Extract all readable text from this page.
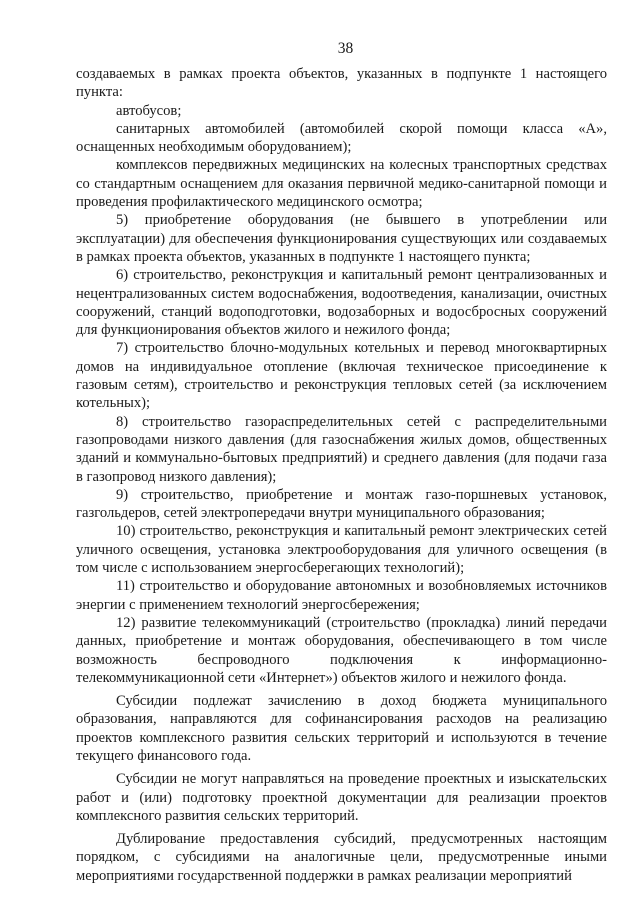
38

создаваемых в рамках проекта объектов, указанных в подпункте 1 настоящего пункта:

автобусов;

санитарных автомобилей (автомобилей скорой помощи класса «А», оснащенных необходимым оборудованием);

комплексов передвижных медицинских на колесных транспортных средствах со стандартным оснащением для оказания первичной медико-санитарной помощи и проведения профилактического медицинского осмотра;

5) приобретение оборудования (не бывшего в употреблении или эксплуатации) для обеспечения функционирования существующих или создаваемых в рамках проекта объектов, указанных в подпункте 1 настоящего пункта;

6) строительство, реконструкция и капитальный ремонт централизованных и нецентрализованных систем водоснабжения, водоотведения, канализации, очистных сооружений, станций водоподготовки, водозаборных и водосбросных сооружений для функционирования объектов жилого и нежилого фонда;

7) строительство блочно-модульных котельных и перевод многоквартирных домов на индивидуальное отопление (включая техническое присоединение к газовым сетям), строительство и реконструкция тепловых сетей (за исключением котельных);

8) строительство газораспределительных сетей с распределительными газопроводами низкого давления (для газоснабжения жилых домов, общественных зданий и коммунально-бытовых предприятий) и среднего давления (для подачи газа в газопровод низкого давления);

9) строительство, приобретение и монтаж газо-поршневых установок, газгольдеров, сетей электропередачи внутри муниципального образования;

10) строительство, реконструкция и капитальный ремонт электрических сетей уличного освещения, установка электрооборудования для уличного освещения (в том числе с использованием энергосберегающих технологий);

11) строительство и оборудование автономных и возобновляемых источников энергии с применением технологий энергосбережения;

12) развитие телекоммуникаций (строительство (прокладка) линий передачи данных, приобретение и монтаж оборудования, обеспечивающего в том числе возможность беспроводного подключения к информационно-телекоммуникационной сети «Интернет») объектов жилого и нежилого фонда.

Субсидии подлежат зачислению в доход бюджета муниципального образования, направляются для софинансирования расходов на реализацию проектов комплексного развития сельских территорий и используются в течение текущего финансового года.

Субсидии не могут направляться на проведение проектных и изыскательских работ и (или) подготовку проектной документации для реализации проектов комплексного развития сельских территорий.

Дублирование предоставления субсидий, предусмотренных настоящим порядком, с субсидиями на аналогичные цели, предусмотренные иными мероприятиями государственной поддержки в рамках реализации мероприятий
